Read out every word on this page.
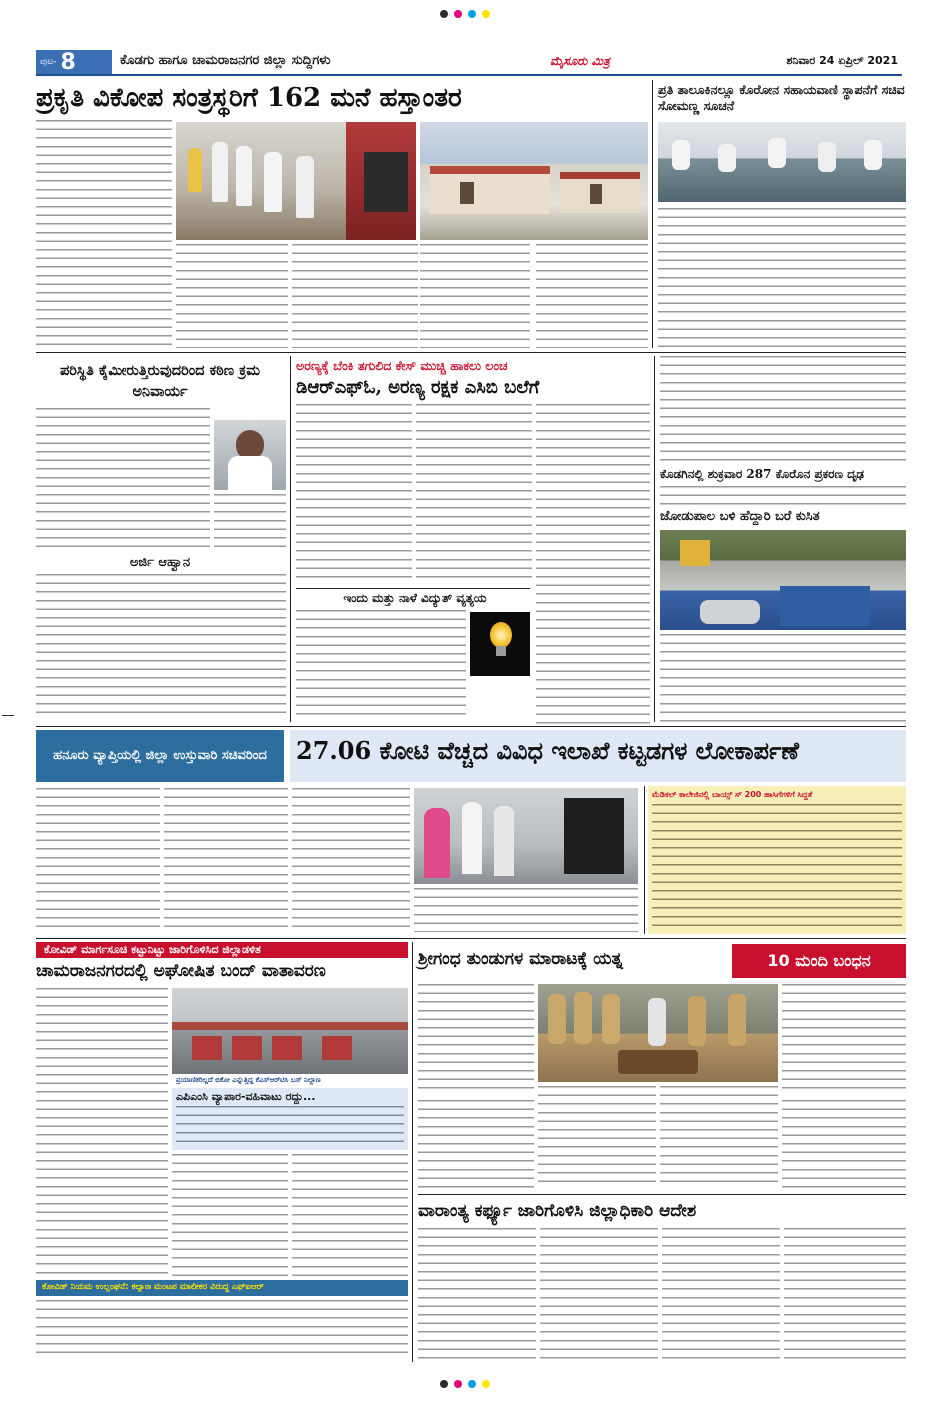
ಪುಟ- 8	ಕೊಡಗು ಹಾಗೂ ಚಾಮರಾಜನಗರ ಜಿಲ್ಲಾ ಸುದ್ದಿಗಳು	ಮೈಸೂರು ಮಿತ್ರ	ಶನಿವಾರ 24 ಏಪ್ರಿಲ್ 2021
ಪ್ರಕೃತಿ ವಿಕೋಪ ಸಂತ್ರಸ್ಥರಿಗೆ 162 ಮನೆ ಹಸ್ತಾಂತರ	ಪ್ರತಿ ತಾಲೂಕಿನಲ್ಲೂ ಕೊರೋನ ಸಹಾಯವಾಣಿ ಸ್ಥಾಪನೆಗೆ ಸಚಿವ ಸೋಮಣ್ಣ ಸೂಚನೆ
ಪರಿಸ್ಥಿತಿ ಕೈಮೀರುತ್ತಿರುವುದರಿಂದ ಕಠಿಣ ಕ್ರಮ ಅನಿವಾರ್ಯ
ಅರ್ಜಿ ಆಹ್ವಾನ
ಅರಣ್ಯಕ್ಕೆ ಬೆಂಕಿ ತಗುಲಿದ ಕೇಸ್ ಮುಚ್ಚಿ ಹಾಕಲು ಲಂಚ
ಡಿಆರ್‌ಎಫ್‌ಓ, ಅರಣ್ಯ ರಕ್ಷಕ ಎಸಿಬಿ ಬಲೆಗೆ
ಇಂದು ಮತ್ತು ನಾಳೆ ವಿದ್ಯುತ್ ವ್ಯತ್ಯಯ
ಕೊಡಗಿನಲ್ಲಿ ಶುಕ್ರವಾರ 287 ಕೊರೊನ ಪ್ರಕರಣ ದೃಢ
ಜೋಡುಪಾಲ ಬಳಿ ಹೆದ್ದಾರಿ ಬರೆ ಕುಸಿತ
ಹನೂರು ವ್ಯಾಪ್ತಿಯಲ್ಲಿ ಜಿಲ್ಲಾ ಉಸ್ತುವಾರಿ ಸಚಿವರಿಂದ	27.06 ಕೋಟಿ ವೆಚ್ಚದ ವಿವಿಧ ಇಲಾಖೆ ಕಟ್ಟಡಗಳ ಲೋಕಾರ್ಪಣೆ
ಮೆಡಿಕಲ್ ಕಾಲೇಜಿನಲ್ಲಿ ಬಾಯ್ಸ್ ಸ್ 200 ಹಾಸಿಗೆಗಳಿಗೆ ಸಿದ್ಧತೆ
ಕೋವಿಡ್ ಮಾರ್ಗಸೂಚಿ ಕಟ್ಟುನಿಟ್ಟು ಜಾರಿಗೊಳಿಸಿದ ಜಿಲ್ಲಾಡಳಿತ
ಚಾಮರಾಜನಗರದಲ್ಲಿ ಅಘೋಷಿತ ಬಂದ್ ವಾತಾವರಣ
ಪ್ರಯಾಣಿಕರಿಲ್ಲದೆ ಬಿಕೋ ಎನ್ನುತ್ತಿದ್ದ ಕೆಎಸ್‌ಆರ್‌ಟಿಸಿ ಬಸ್ ನಿಲ್ದಾಣ
ಎಪಿಎಂಸಿ ವ್ಯಾಪಾರ-ವಹಿವಾಟು ರದ್ದು...
ಕೋವಿಡ್ ನಿಯಮ ಉಲ್ಲಂಘನೆ: ಕಲ್ಯಾಣ ಮಂಟಪ ಮಾಲೀಕರ ವಿರುದ್ಧ ಎಫ್‌ಐಆರ್
ಶ್ರೀಗಂಧ ತುಂಡುಗಳ ಮಾರಾಟಕ್ಕೆ ಯತ್ನ	10 ಮಂದಿ ಬಂಧನ
ವಾರಾಂತ್ಯ ಕರ್ಫ್ಯೂ ಜಾರಿಗೊಳಿಸಿ ಜಿಲ್ಲಾಧಿಕಾರಿ ಆದೇಶ
